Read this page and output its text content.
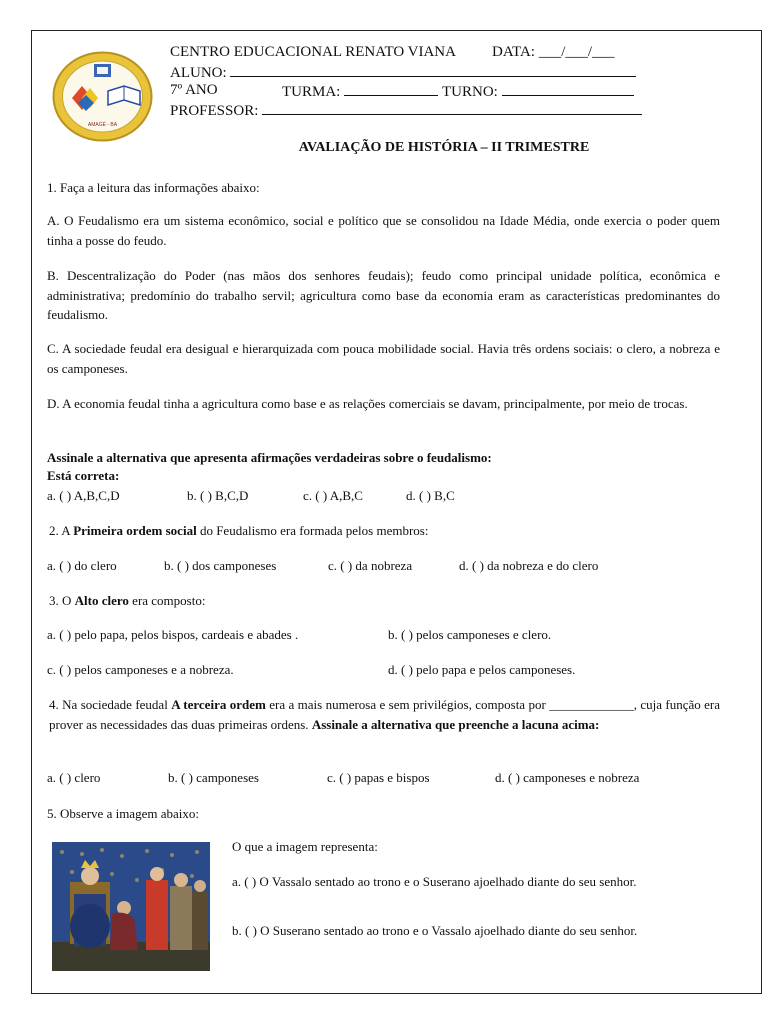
AMAGÉ - BA
CENTRO EDUCACIONAL RENATO VIANA DATA: ___/___/___
ALUNO:
7º ANO	TURMA:	TURNO:
PROFESSOR:
AVALIAÇÃO DE HISTÓRIA – II TRIMESTRE
1. Faça a leitura das informações abaixo:
A. O Feudalismo era um sistema econômico, social e político que se consolidou na Idade Média, onde exercia o poder quem tinha a posse do feudo.
B. Descentralização do Poder (nas mãos dos senhores feudais); feudo como principal unidade política, econômica e administrativa; predomínio do trabalho servil; agricultura como base da economia eram as características predominantes do feudalismo.
C. A sociedade feudal era desigual e hierarquizada com pouca mobilidade social. Havia três ordens sociais: o clero, a nobreza e os camponeses.
D. A economia feudal tinha a agricultura como base e as relações comerciais se davam, principalmente, por meio de trocas.
Assinale a alternativa que apresenta afirmações verdadeiras sobre o feudalismo:
Está correta:
a. ( ) A,B,C,D	b. ( ) B,C,D	c. ( ) A,B,C	d. ( ) B,C
2. A Primeira ordem social do Feudalismo era formada pelos membros:
a. ( ) do clero	b. ( ) dos camponeses	c. ( ) da nobreza	d. ( ) da nobreza e do clero
3. O Alto clero era composto:
a. ( ) pelo papa, pelos bispos, cardeais e abades .	b. ( ) pelos camponeses e clero.
c. ( ) pelos camponeses e a nobreza.	d. ( ) pelo papa e pelos camponeses.
4. Na sociedade feudal A terceira ordem era a mais numerosa e sem privilégios, composta por _____________, cuja função era prover as necessidades das duas primeiras ordens. Assinale a alternativa que preenche a lacuna acima:
a. ( ) clero	b. ( ) camponeses	c. ( ) papas e bispos	d. ( ) camponeses e nobreza
5. Observe a imagem abaixo:
O que a imagem representa:
a. ( ) O Vassalo sentado ao trono e o Suserano ajoelhado diante do seu senhor.
b. ( ) O Suserano sentado ao trono e o Vassalo ajoelhado diante do seu senhor.
